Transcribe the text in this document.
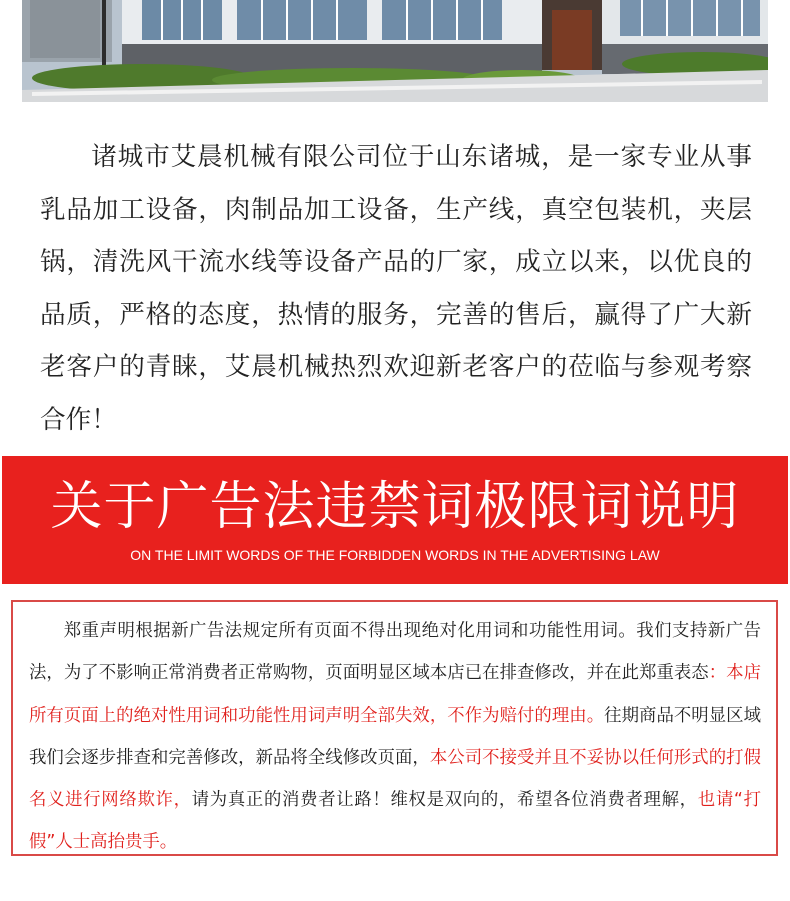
诸城市艾晨机械有限公司位于山东诸城，是一家专业从事乳品加工设备，肉制品加工设备，生产线，真空包装机，夹层锅，清洗风干流水线等设备产品的厂家，成立以来，以优良的品质，严格的态度，热情的服务，完善的售后，赢得了广大新老客户的青睐，艾晨机械热烈欢迎新老客户的莅临与参观考察合作！

关于广告法违禁词极限词说明

ON THE LIMIT WORDS OF THE FORBIDDEN WORDS IN THE ADVERTISING LAW

郑重声明根据新广告法规定所有页面不得出现绝对化用词和功能性用词。我们支持新广告法，为了不影响正常消费者正常购物，页面明显区域本店已在排查修改，并在此郑重表态：本店所有页面上的绝对性用词和功能性用词声明全部失效，不作为赔付的理由。往期商品不明显区域我们会逐步排查和完善修改，新品将全线修改页面，本公司不接受并且不妥协以任何形式的打假名义进行网络欺诈，请为真正的消费者让路！维权是双向的，希望各位消费者理解，也请“打假”人士高抬贵手。
